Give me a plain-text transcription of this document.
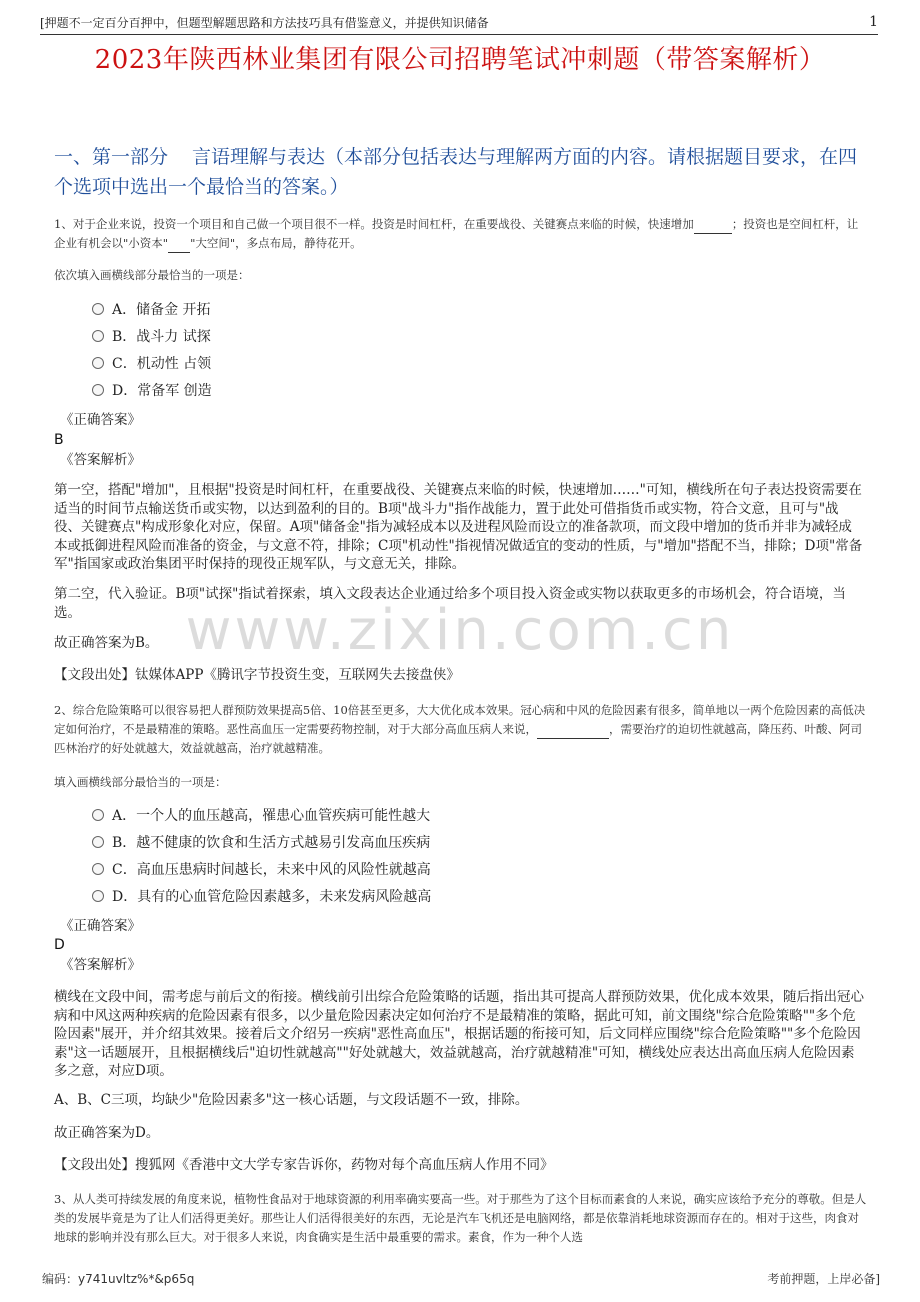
www.zixin.com.cn
[押题不一定百分百押中，但题型解题思路和方法技巧具有借鉴意义，并提供知识储备	1
2023年陕西林业集团有限公司招聘笔试冲刺题（带答案解析）
一、第一部分 言语理解与表达（本部分包括表达与理解两方面的内容。请根据题目要求，在四个选项中选出一个最恰当的答案。）
1、对于企业来说，投资一个项目和自己做一个项目很不一样。投资是时间杠杆，在重要战役、关键赛点来临的时候，快速增加	；投资也是空间杠杆，让企业有机会以"小资本" "大空间"，多点布局，静待花开。
依次填入画横线部分最恰当的一项是：
A．储备金 开拓
B．战斗力 试探
C．机动性 占领
D．常备军 创造
《正确答案》
B
《答案解析》
第一空，搭配"增加"，且根据"投资是时间杠杆，在重要战役、关键赛点来临的时候，快速增加……"可知，横线所在句子表达投资需要在适当的时间节点输送货币或实物，以达到盈利的目的。B项"战斗力"指作战能力，置于此处可借指货币或实物，符合文意，且可与"战役、关键赛点"构成形象化对应，保留。A项"储备金"指为减轻成本以及进程风险而设立的准备款项，而文段中增加的货币并非为减轻成本或抵御进程风险而准备的资金，与文意不符，排除；C项"机动性"指视情况做适宜的变动的性质，与"增加"搭配不当，排除；D项"常备军"指国家或政治集团平时保持的现役正规军队，与文意无关，排除。
第二空，代入验证。B项"试探"指试着探索，填入文段表达企业通过给多个项目投入资金或实物以获取更多的市场机会，符合语境，当选。
故正确答案为B。
【文段出处】钛媒体APP《腾讯字节投资生变，互联网失去接盘侠》
2、综合危险策略可以很容易把人群预防效果提高5倍、10倍甚至更多，大大优化成本效果。冠心病和中风的危险因素有很多，简单地以一两个危险因素的高低决定如何治疗，不是最精准的策略。恶性高血压一定需要药物控制，对于大部分高血压病人来说，	，需要治疗的迫切性就越高，降压药、叶酸、阿司匹林治疗的好处就越大，效益就越高，治疗就越精准。
填入画横线部分最恰当的一项是：
A．一个人的血压越高，罹患心血管疾病可能性越大
B．越不健康的饮食和生活方式越易引发高血压疾病
C．高血压患病时间越长，未来中风的风险性就越高
D．具有的心血管危险因素越多，未来发病风险越高
《正确答案》
D
《答案解析》
横线在文段中间，需考虑与前后文的衔接。横线前引出综合危险策略的话题，指出其可提高人群预防效果，优化成本效果，随后指出冠心病和中风这两种疾病的危险因素有很多，以少量危险因素决定如何治疗不是最精准的策略，据此可知，前文围绕"综合危险策略""多个危险因素"展开，并介绍其效果。接着后文介绍另一疾病"恶性高血压"，根据话题的衔接可知，后文同样应围绕"综合危险策略""多个危险因素"这一话题展开，且根据横线后"迫切性就越高""好处就越大，效益就越高，治疗就越精准"可知，横线处应表达出高血压病人危险因素多之意，对应D项。
A、B、C三项，均缺少"危险因素多"这一核心话题，与文段话题不一致，排除。
故正确答案为D。
【文段出处】搜狐网《香港中文大学专家告诉你，药物对每个高血压病人作用不同》
3、从人类可持续发展的角度来说，植物性食品对于地球资源的利用率确实要高一些。对于那些为了这个目标而素食的人来说，确实应该给予充分的尊敬。但是人类的发展毕竟是为了让人们活得更美好。那些让人们活得很美好的东西，无论是汽车飞机还是电脑网络，都是依靠消耗地球资源而存在的。相对于这些，肉食对地球的影响并没有那么巨大。对于很多人来说，肉食确实是生活中最重要的需求。素食，作为一种个人选
编码：y741uvltz%*&p65q	考前押题，上岸必备]
